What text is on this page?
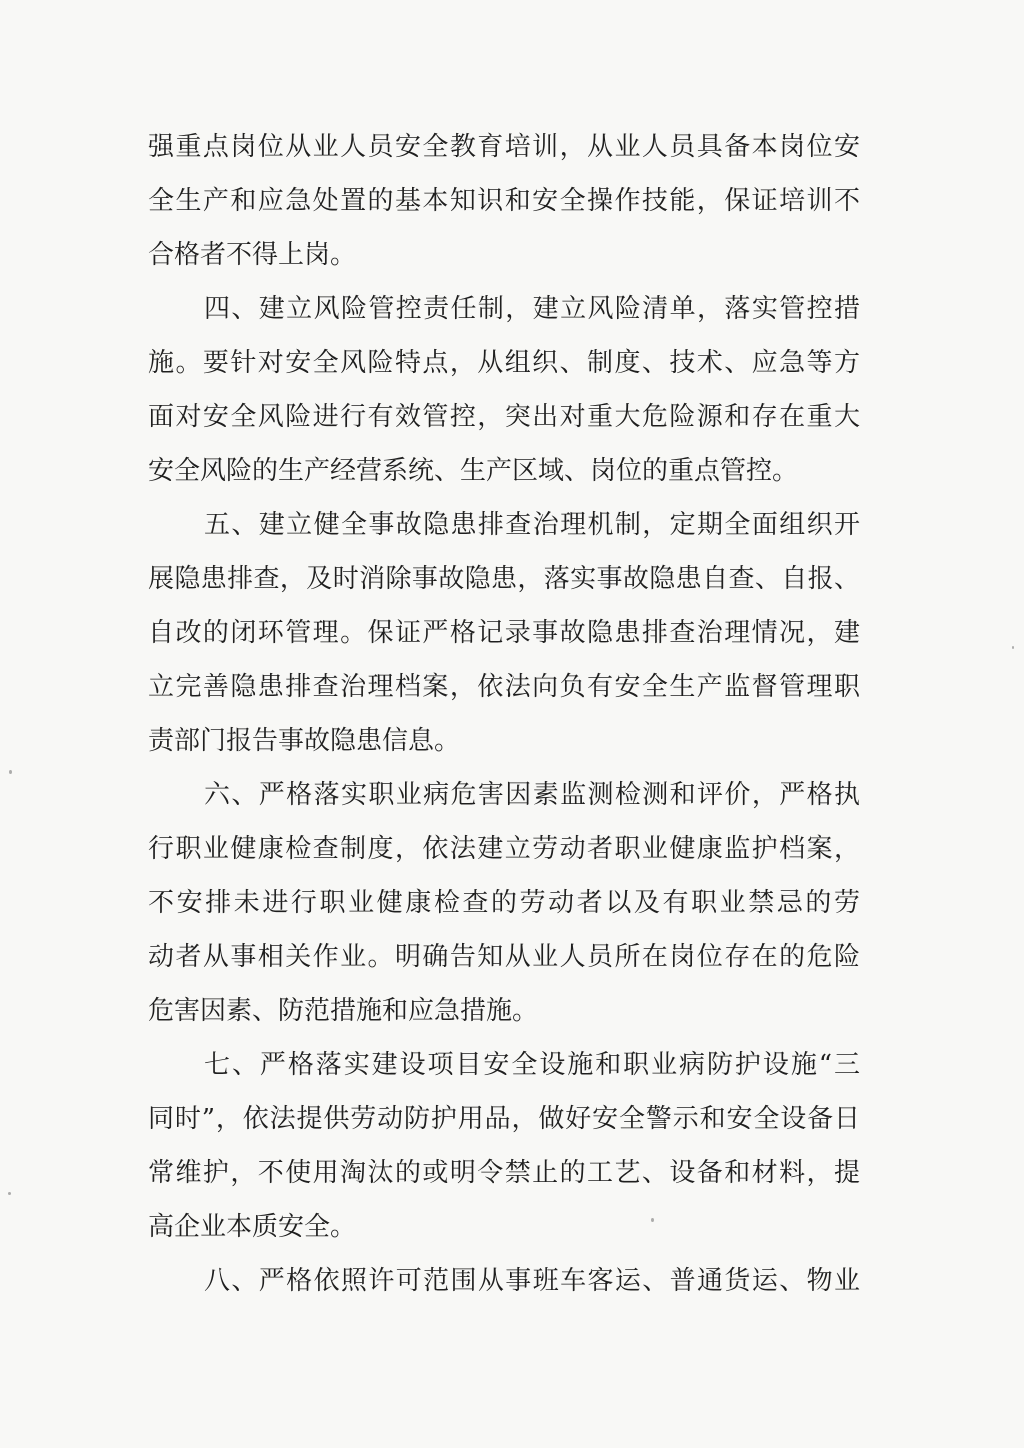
强重点岗位从业人员安全教育培训，从业人员具备本岗位安
全生产和应急处置的基本知识和安全操作技能，保证培训不
合格者不得上岗。
四、建立风险管控责任制，建立风险清单，落实管控措
施。要针对安全风险特点，从组织、制度、技术、应急等方
面对安全风险进行有效管控，突出对重大危险源和存在重大
安全风险的生产经营系统、生产区域、岗位的重点管控。
五、建立健全事故隐患排查治理机制，定期全面组织开
展隐患排查，及时消除事故隐患，落实事故隐患自查、自报、
自改的闭环管理。保证严格记录事故隐患排查治理情况，建
立完善隐患排查治理档案，依法向负有安全生产监督管理职
责部门报告事故隐患信息。
六、严格落实职业病危害因素监测检测和评价，严格执
行职业健康检查制度，依法建立劳动者职业健康监护档案，
不安排未进行职业健康检查的劳动者以及有职业禁忌的劳
动者从事相关作业。明确告知从业人员所在岗位存在的危险
危害因素、防范措施和应急措施。
七、严格落实建设项目安全设施和职业病防护设施“三
同时”，依法提供劳动防护用品，做好安全警示和安全设备日
常维护，不使用淘汰的或明令禁止的工艺、设备和材料，提
高企业本质安全。
八、严格依照许可范围从事班车客运、普通货运、物业
